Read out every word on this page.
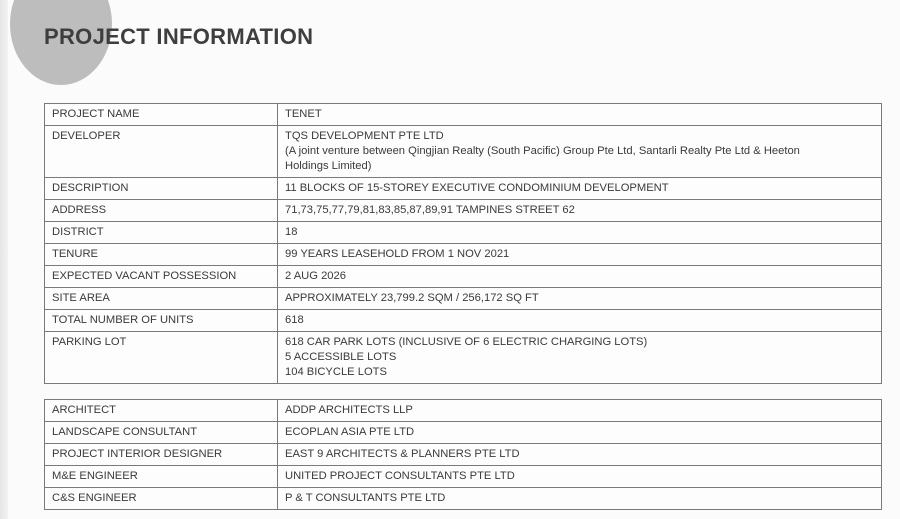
PROJECT INFORMATION
PROJECT NAME	TENET

DEVELOPER	TQS DEVELOPMENT PTE LTD
(A joint venture between Qingjian Realty (South Pacific) Group Pte Ltd, Santarli Realty Pte Ltd & Heeton
Holdings Limited)

DESCRIPTION	11 BLOCKS OF 15-STOREY EXECUTIVE CONDOMINIUM DEVELOPMENT

ADDRESS	71,73,75,77,79,81,83,85,87,89,91 TAMPINES STREET 62

DISTRICT	18

TENURE	99 YEARS LEASEHOLD FROM 1 NOV 2021

EXPECTED VACANT POSSESSION	2 AUG 2026

SITE AREA	APPROXIMATELY 23,799.2 SQM / 256,172 SQ FT

TOTAL NUMBER OF UNITS	618

PARKING LOT	618 CAR PARK LOTS (INCLUSIVE OF 6 ELECTRIC CHARGING LOTS)
5 ACCESSIBLE LOTS
104 BICYCLE LOTS
ARCHITECT	ADDP ARCHITECTS LLP

LANDSCAPE CONSULTANT	ECOPLAN ASIA PTE LTD

PROJECT INTERIOR DESIGNER	EAST 9 ARCHITECTS & PLANNERS PTE LTD

M&E ENGINEER	UNITED PROJECT CONSULTANTS PTE LTD

C&S ENGINEER	P & T CONSULTANTS PTE LTD
